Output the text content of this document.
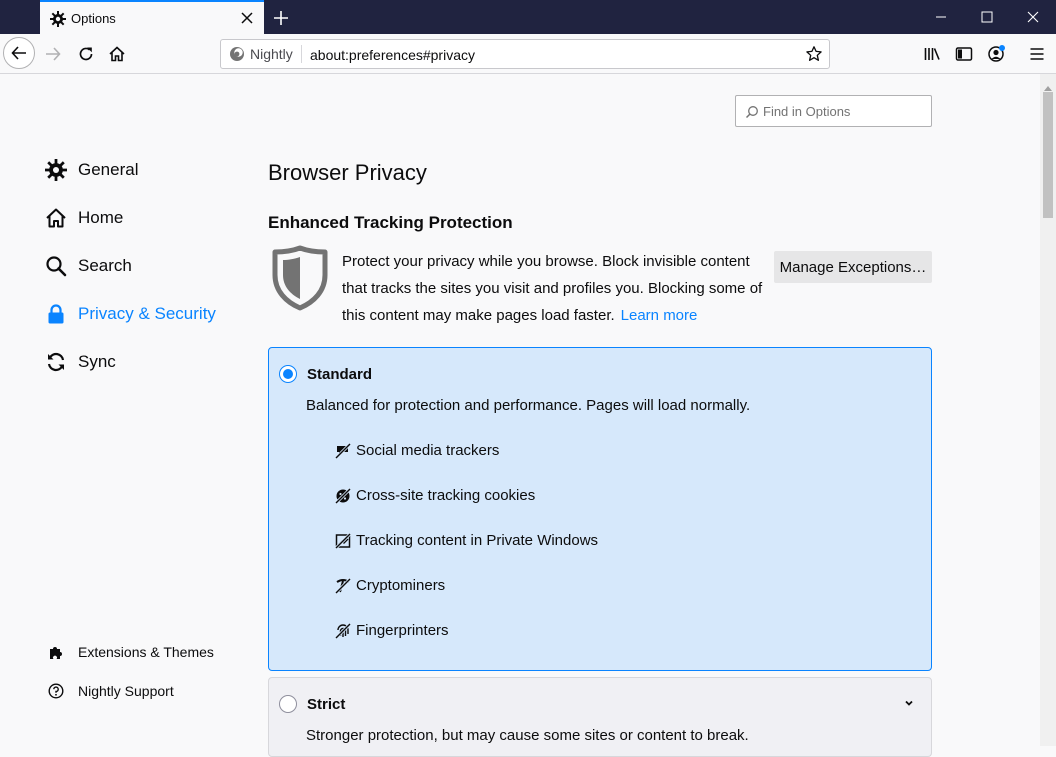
Options
Nightly about:preferences#privacy
Find in Options
General
Home
Search
Privacy & Security
Sync
Extensions & Themes
Nightly Support
Browser Privacy
Enhanced Tracking Protection
Protect your privacy while you browse. Block invisible content that tracks the sites you visit and profiles you. Blocking some of this content may make pages load faster. Learn more
Manage Exceptions…
Standard
Balanced for protection and performance. Pages will load normally.
Social media trackers
Cross-site tracking cookies
Tracking content in Private Windows
Cryptominers
Fingerprinters
Strict
Stronger protection, but may cause some sites or content to break.
